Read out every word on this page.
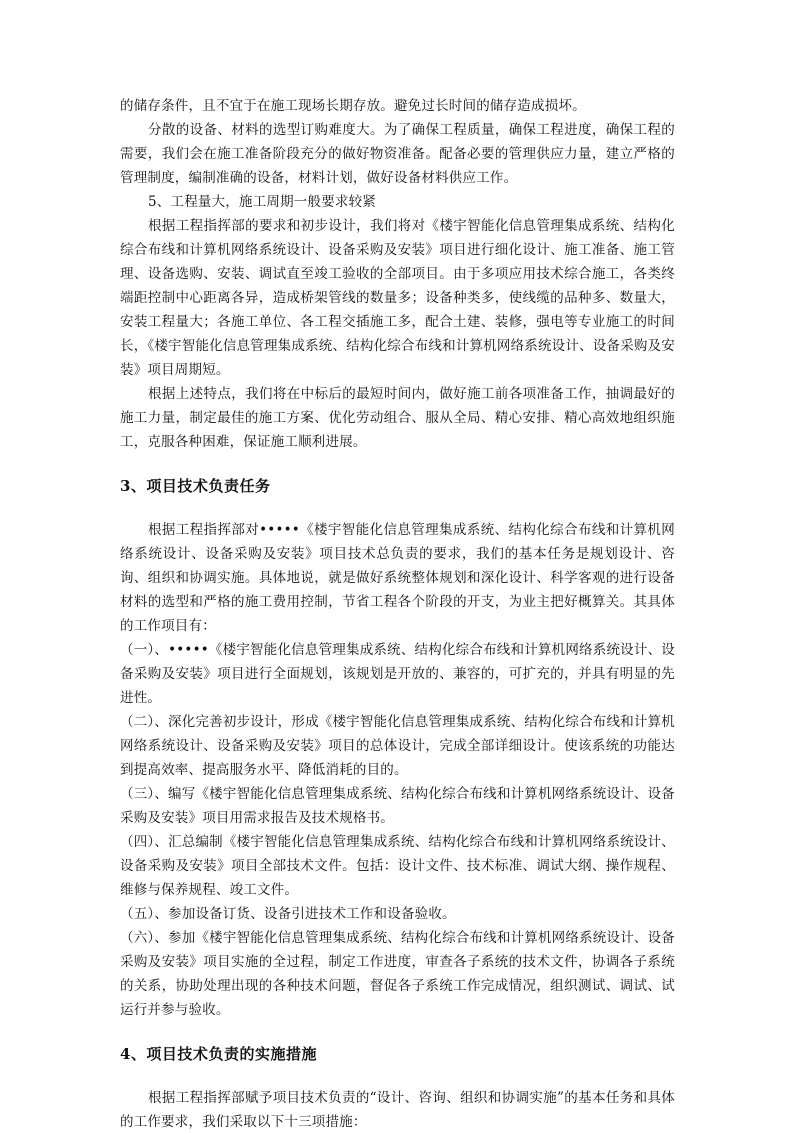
的储存条件，且不宜于在施工现场长期存放。避免过长时间的储存造成损坏。

分散的设备、材料的选型订购难度大。为了确保工程质量，确保工程进度，确保工程的需要，我们会在施工准备阶段充分的做好物资准备。配备必要的管理供应力量，建立严格的管理制度，编制准确的设备，材料计划，做好设备材料供应工作。

5、工程量大，施工周期一般要求较紧

根据工程指挥部的要求和初步设计，我们将对《楼宇智能化信息管理集成系统、结构化综合布线和计算机网络系统设计、设备采购及安装》项目进行细化设计、施工准备、施工管理、设备选购、安装、调试直至竣工验收的全部项目。由于多项应用技术综合施工，各类终端距控制中心距离各异，造成桥架管线的数量多；设备种类多，使线缆的品种多、数量大，安装工程量大；各施工单位、各工程交插施工多，配合土建、装修，强电等专业施工的时间长，《楼宇智能化信息管理集成系统、结构化综合布线和计算机网络系统设计、设备采购及安装》项目周期短。

根据上述特点，我们将在中标后的最短时间内，做好施工前各项准备工作，抽调最好的施工力量，制定最佳的施工方案、优化劳动组合、服从全局、精心安排、精心高效地组织施工，克服各种困难，保证施工顺利进展。

3、项目技术负责任务

根据工程指挥部对•••••《楼宇智能化信息管理集成系统、结构化综合布线和计算机网络系统设计、设备采购及安装》项目技术总负责的要求，我们的基本任务是规划设计、咨询、组织和协调实施。具体地说，就是做好系统整体规划和深化设计、科学客观的进行设备材料的选型和严格的施工费用控制，节省工程各个阶段的开支，为业主把好概算关。其具体的工作项目有：

（一）、•••••《楼宇智能化信息管理集成系统、结构化综合布线和计算机网络系统设计、设备采购及安装》项目进行全面规划，该规划是开放的、兼容的，可扩充的，并具有明显的先进性。

（二）、深化完善初步设计，形成《楼宇智能化信息管理集成系统、结构化综合布线和计算机网络系统设计、设备采购及安装》项目的总体设计，完成全部详细设计。使该系统的功能达到提高效率、提高服务水平、降低消耗的目的。

（三）、编写《楼宇智能化信息管理集成系统、结构化综合布线和计算机网络系统设计、设备采购及安装》项目用需求报告及技术规格书。

（四）、汇总编制《楼宇智能化信息管理集成系统、结构化综合布线和计算机网络系统设计、设备采购及安装》项目全部技术文件。包括：设计文件、技术标准、调试大纲、操作规程、维修与保养规程、竣工文件。

（五）、参加设备订货、设备引进技术工作和设备验收。

（六）、参加《楼宇智能化信息管理集成系统、结构化综合布线和计算机网络系统设计、设备采购及安装》项目实施的全过程，制定工作进度，审查各子系统的技术文件，协调各子系统的关系，协助处理出现的各种技术问题，督促各子系统工作完成情况，组织测试、调试、试运行并参与验收。

4、项目技术负责的实施措施

根据工程指挥部赋予项目技术负责的“设计、咨询、组织和协调实施”的基本任务和具体的工作要求，我们采取以下十三项措施：
